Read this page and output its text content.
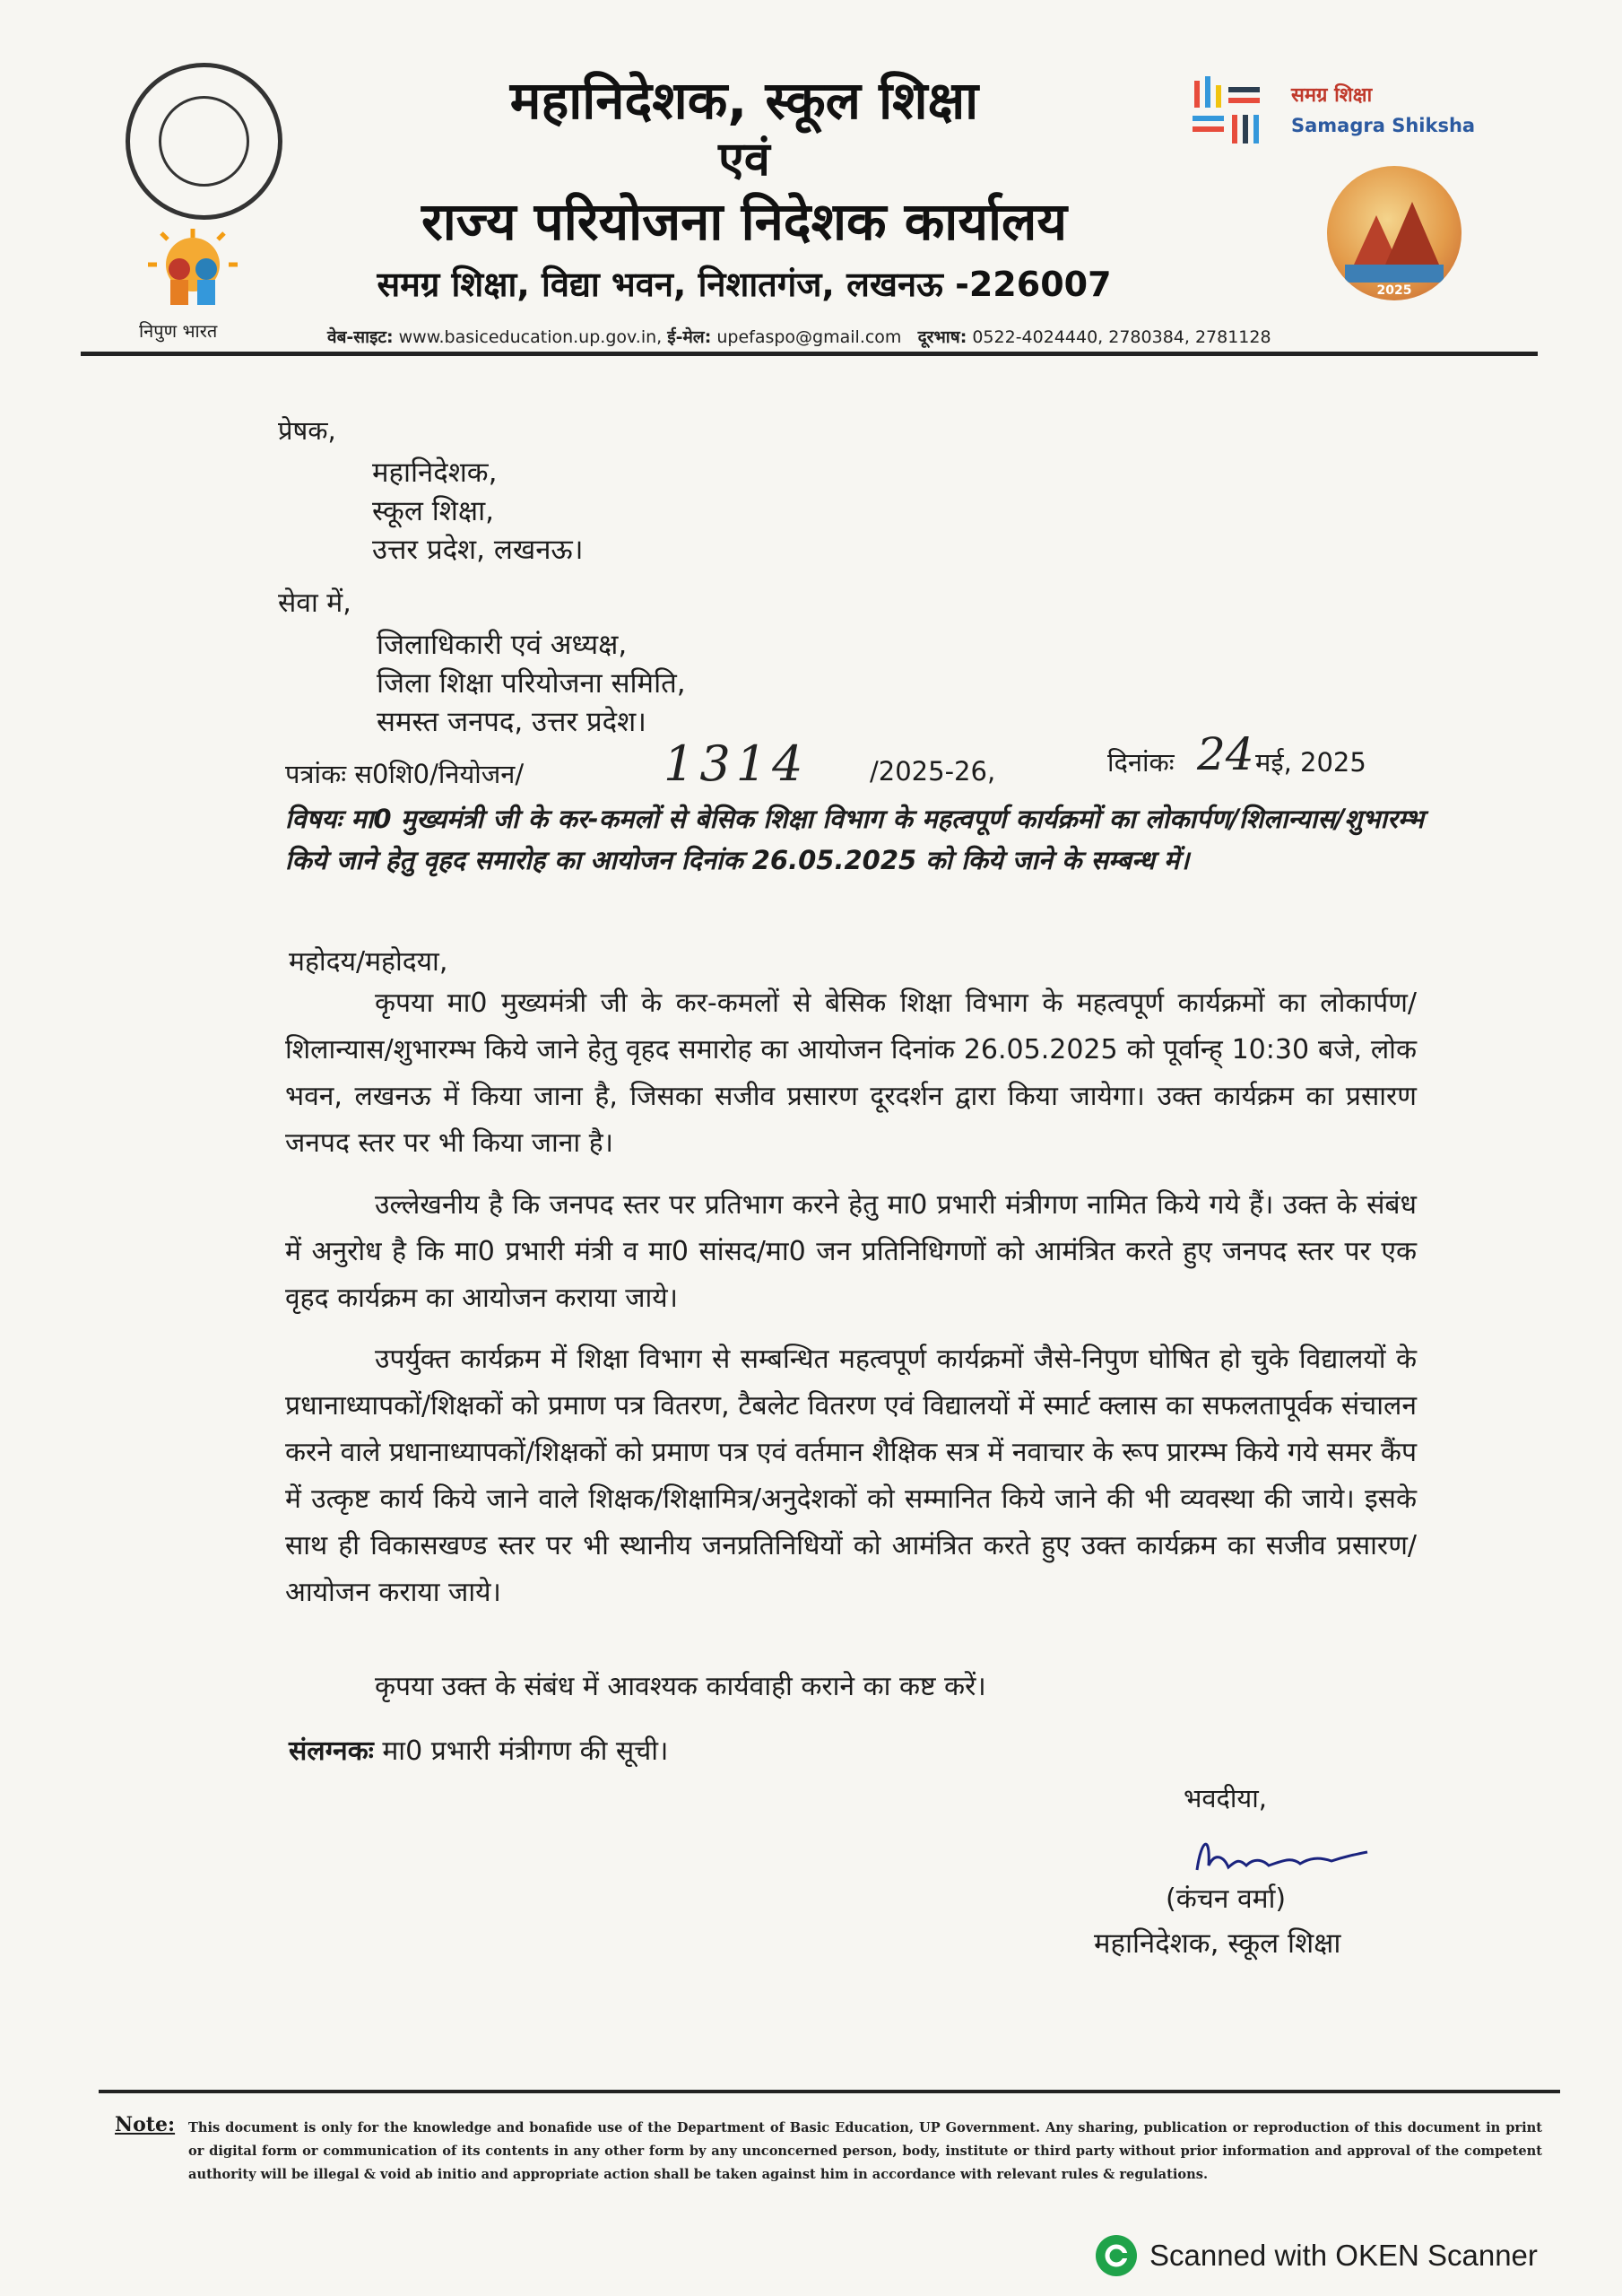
निपुण भारत
महानिदेशक, स्कूल शिक्षा
एवं
राज्य परियोजना निदेशक कार्यालय
समग्र शिक्षा, विद्या भवन, निशातगंज, लखनऊ -226007
वेब-साइट: www.basiceducation.up.gov.in, ई-मेल: upefaspo@gmail.com दूरभाष: 0522-4024440, 2780384, 2781128
समग्र शिक्षा
Samagra Shiksha
2025
प्रेषक,
महानिदेशक,
स्कूल शिक्षा,
उत्तर प्रदेश, लखनऊ।
सेवा में,
जिलाधिकारी एवं अध्यक्ष,
जिला शिक्षा परियोजना समिति,
समस्त जनपद, उत्तर प्रदेश।
पत्रांकः स0शि0/नियोजन/	1314 /2025-26,	दिनांकः 24 मई, 2025
विषयः मा0 मुख्यमंत्री जी के कर-कमलों से बेसिक शिक्षा विभाग के महत्वपूर्ण कार्यक्रमों का लोकार्पण/शिलान्यास/शुभारम्भ किये जाने हेतु वृहद समारोह का आयोजन दिनांक 26.05.2025 को किये जाने के सम्बन्ध में।
महोदय/महोदया,
कृपया मा0 मुख्यमंत्री जी के कर-कमलों से बेसिक शिक्षा विभाग के महत्वपूर्ण कार्यक्रमों का लोकार्पण/शिलान्यास/शुभारम्भ किये जाने हेतु वृहद समारोह का आयोजन दिनांक 26.05.2025 को पूर्वान्ह् 10:30 बजे, लोक भवन, लखनऊ में किया जाना है, जिसका सजीव प्रसारण दूरदर्शन द्वारा किया जायेगा। उक्त कार्यक्रम का प्रसारण जनपद स्तर पर भी किया जाना है।
उल्लेखनीय है कि जनपद स्तर पर प्रतिभाग करने हेतु मा0 प्रभारी मंत्रीगण नामित किये गये हैं। उक्त के संबंध में अनुरोध है कि मा0 प्रभारी मंत्री व मा0 सांसद/मा0 जन प्रतिनिधिगणों को आमंत्रित करते हुए जनपद स्तर पर एक वृहद कार्यक्रम का आयोजन कराया जाये।
उपर्युक्त कार्यक्रम में शिक्षा विभाग से सम्बन्धित महत्वपूर्ण कार्यक्रमों जैसे-निपुण घोषित हो चुके विद्यालयों के प्रधानाध्यापकों/शिक्षकों को प्रमाण पत्र वितरण, टैबलेट वितरण एवं विद्यालयों में स्मार्ट क्लास का सफलतापूर्वक संचालन करने वाले प्रधानाध्यापकों/शिक्षकों को प्रमाण पत्र एवं वर्तमान शैक्षिक सत्र में नवाचार के रूप प्रारम्भ किये गये समर कैंप में उत्कृष्ट कार्य किये जाने वाले शिक्षक/शिक्षामित्र/अनुदेशकों को सम्मानित किये जाने की भी व्यवस्था की जाये। इसके साथ ही विकासखण्ड स्तर पर भी स्थानीय जनप्रतिनिधियों को आमंत्रित करते हुए उक्त कार्यक्रम का सजीव प्रसारण/आयोजन कराया जाये।
कृपया उक्त के संबंध में आवश्यक कार्यवाही कराने का कष्ट करें।
संलग्नकः मा0 प्रभारी मंत्रीगण की सूची।
भवदीया,
(कंचन वर्मा)
महानिदेशक, स्कूल शिक्षा
Note: This document is only for the knowledge and bonafide use of the Department of Basic Education, UP Government. Any sharing, publication or reproduction of this document in print or digital form or communication of its contents in any other form by any unconcerned person, body, institute or third party without prior information and approval of the competent authority will be illegal & void ab initio and appropriate action shall be taken against him in accordance with relevant rules & regulations.
Scanned with OKEN Scanner
